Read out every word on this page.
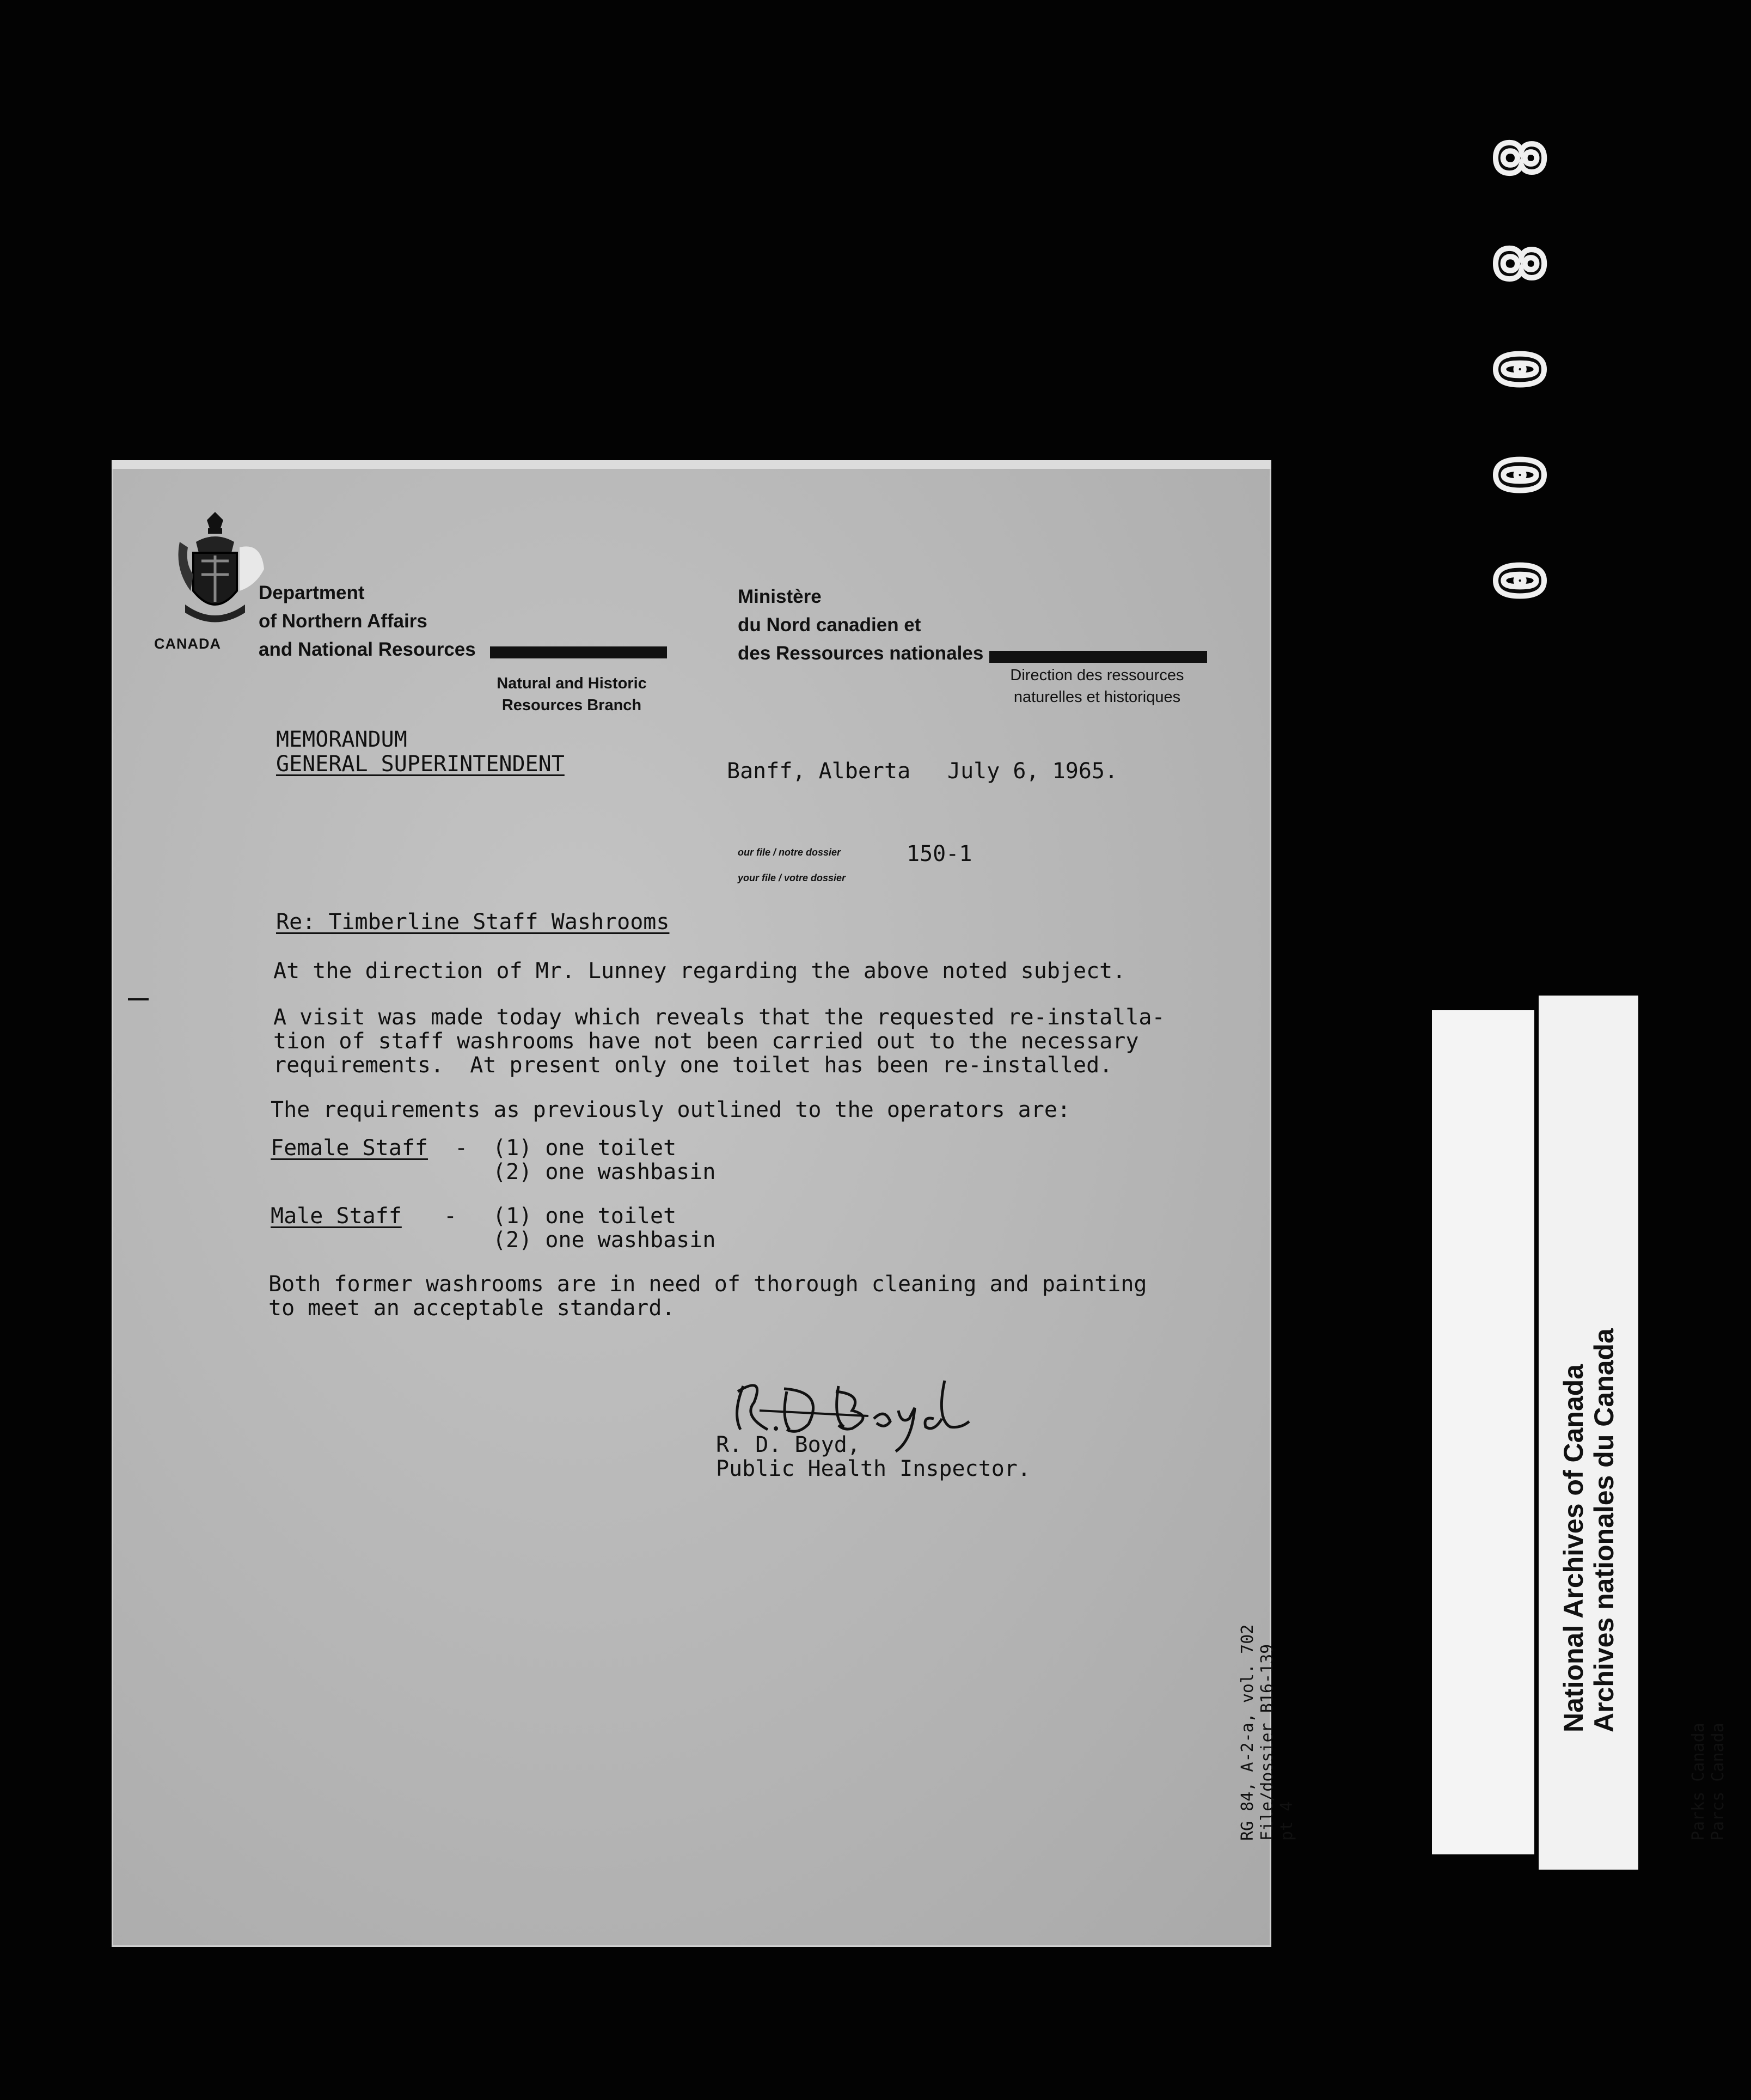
8
8
0
0
0
CANADA
Department
of Northern Affairs
and National Resources
Natural and Historic
Resources Branch
Ministère
du Nord canadien et
des Ressources nationales
Direction des ressources
naturelles et historiques
MEMORANDUM
GENERAL SUPERINTENDENT	Banff, Alberta July 6, 1965.
our file / notre dossier
your file / votre dossier
150-1
Re: Timberline Staff Washrooms
At the direction of Mr. Lunney regarding the above noted subject.
A visit was made today which reveals that the requested re-installa-
tion of staff washrooms have not been carried out to the necessary
requirements.  At present only one toilet has been re-installed.
The requirements as previously outlined to the operators are:
Female Staff - (1) one toilet
(2) one washbasin
Male Staff - (1) one toilet
(2) one washbasin
Both former washrooms are in need of thorough cleaning and painting
to meet an acceptable standard.
R. D. Boyd,
Public Health Inspector.
RG 84, A-2-a, vol. 702
File/dossier B16-139
pt 4

Parks Canada
Parcs Canada
National Archives of Canada
Archives nationales du Canada
